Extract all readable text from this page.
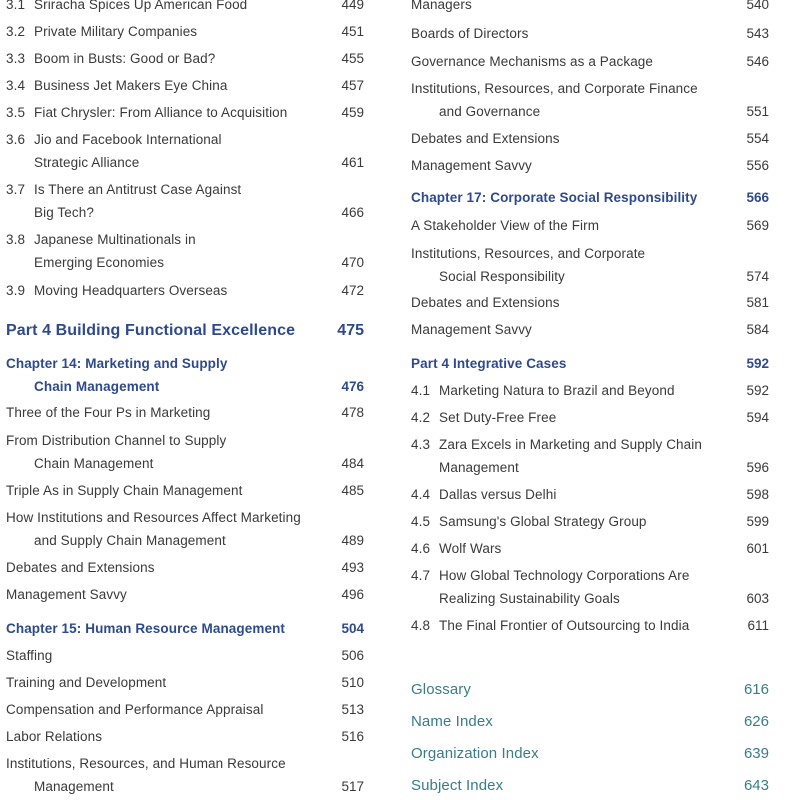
3.1 Sriracha Spices Up American Food	449
3.2 Private Military Companies	451
3.3 Boom in Busts: Good or Bad?	455
3.4 Business Jet Makers Eye China	457
3.5 Fiat Chrysler: From Alliance to Acquisition	459
3.6 Jio and Facebook International
Strategic Alliance	461
3.7 Is There an Antitrust Case Against
Big Tech?	466
3.8 Japanese Multinationals in
Emerging Economies	470
3.9 Moving Headquarters Overseas	472
Part 4 Building Functional Excellence	475
Chapter 14: Marketing and Supply
Chain Management	476
Three of the Four Ps in Marketing	478
From Distribution Channel to Supply
Chain Management	484
Triple As in Supply Chain Management	485
How Institutions and Resources Affect Marketing
and Supply Chain Management	489
Debates and Extensions	493
Management Savvy	496
Chapter 15: Human Resource Management	504
Staffing	506
Training and Development	510
Compensation and Performance Appraisal	513
Labor Relations	516
Institutions, Resources, and Human Resource
Management	517
Managers	540
Boards of Directors	543
Governance Mechanisms as a Package	546
Institutions, Resources, and Corporate Finance
and Governance	551
Debates and Extensions	554
Management Savvy	556
Chapter 17: Corporate Social Responsibility	566
A Stakeholder View of the Firm	569
Institutions, Resources, and Corporate
Social Responsibility	574
Debates and Extensions	581
Management Savvy	584
Part 4 Integrative Cases	592
4.1 Marketing Natura to Brazil and Beyond	592
4.2 Set Duty-Free Free	594
4.3 Zara Excels in Marketing and Supply Chain
Management	596
4.4 Dallas versus Delhi	598
4.5 Samsung's Global Strategy Group	599
4.6 Wolf Wars	601
4.7 How Global Technology Corporations Are
Realizing Sustainability Goals	603
4.8 The Final Frontier of Outsourcing to India	611
Glossary	616
Name Index	626
Organization Index	639
Subject Index	643
